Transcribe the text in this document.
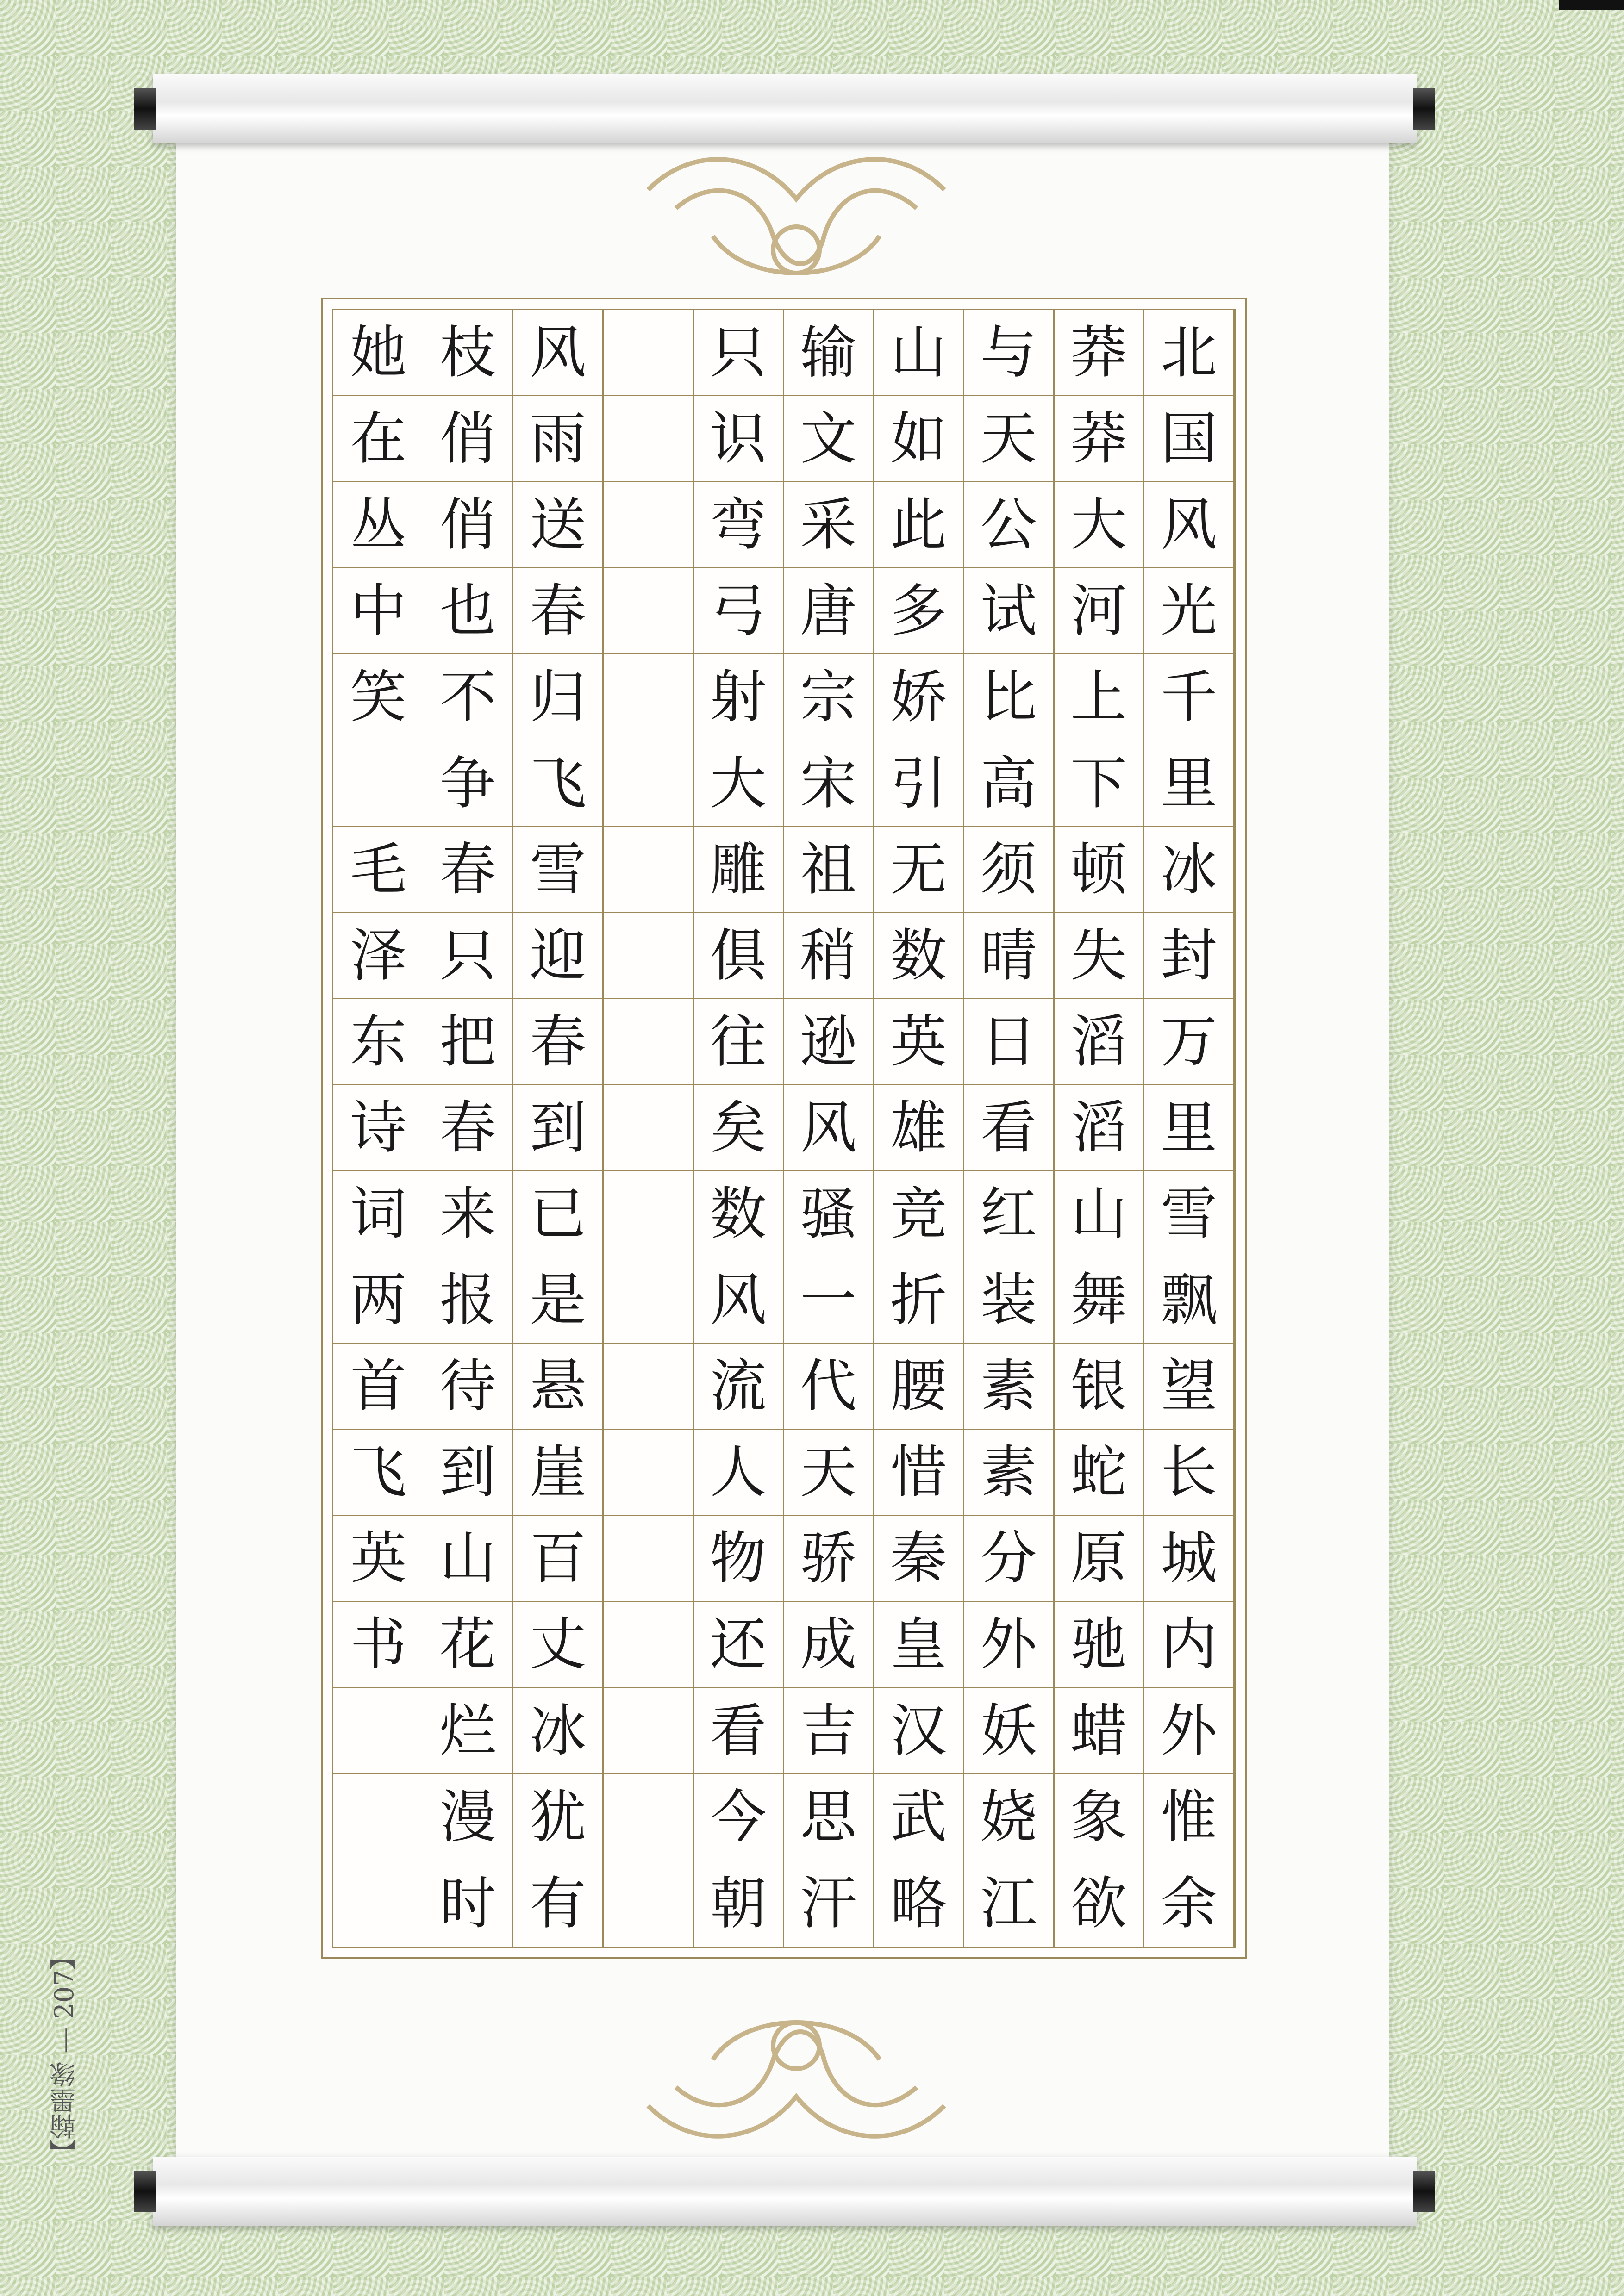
北
国
风
光
千
里
冰
封
万
里
雪
飘
望
长
城
内
外
惟
余
莽
莽
大
河
上
下
顿
失
滔
滔
山
舞
银
蛇
原
驰
蜡
象
欲
与
天
公
试
比
高
须
晴
日
看
红
装
素
素
分
外
妖
娆
江
山
如
此
多
娇
引
无
数
英
雄
竞
折
腰
惜
秦
皇
汉
武
略
输
文
采
唐
宗
宋
祖
稍
逊
风
骚
一
代
天
骄
成
吉
思
汗
只
识
弯
弓
射
大
雕
俱
往
矣
数
风
流
人
物
还
看
今
朝
风
雨
送
春
归
飞
雪
迎
春
到
已
是
悬
崖
百
丈
冰
犹
有
枝
俏
俏
也
不
争
春
只
把
春
来
报
待
到
山
花
烂
漫
时
她
在
丛
中
笑
毛
泽
东
诗
词
两
首
飞
英
书
【翰墨缘 — 207】
